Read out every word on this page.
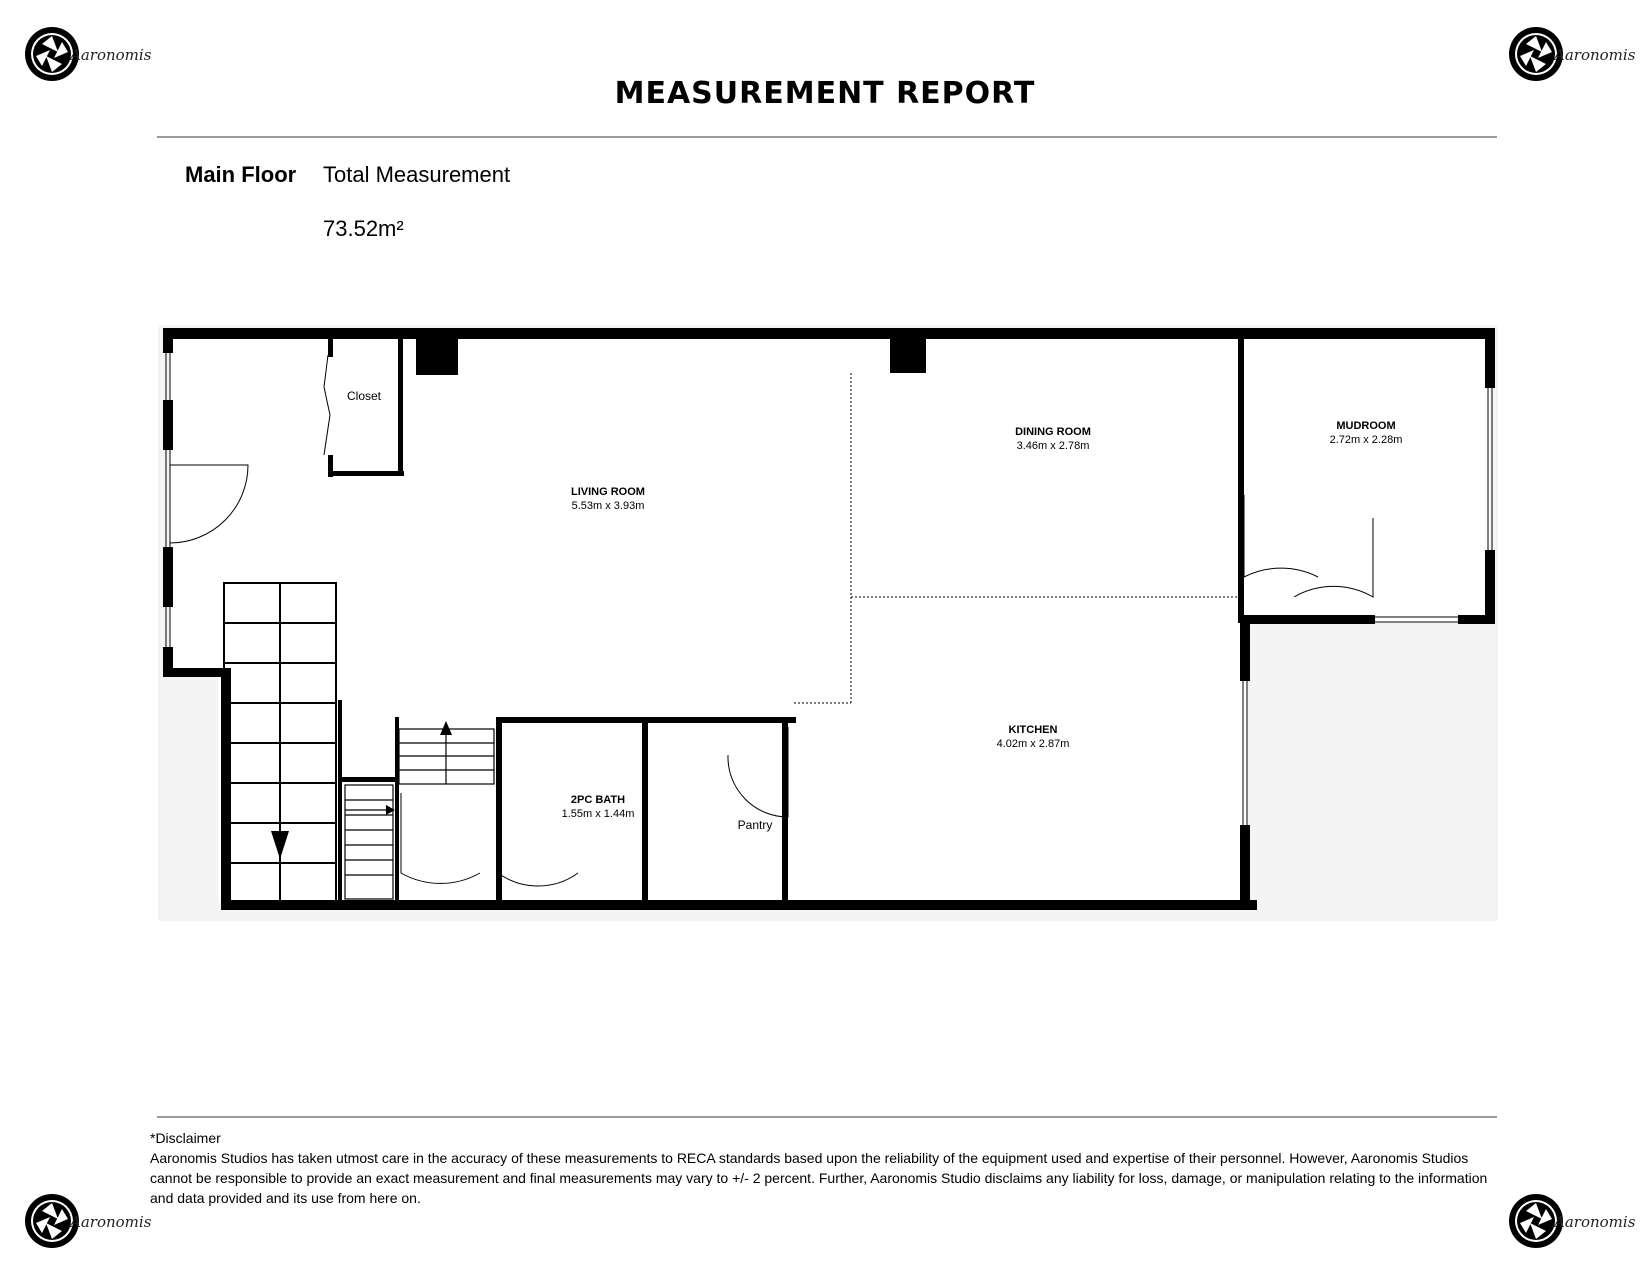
Aaronomis	Aaronomis
Aaronomis	Aaronomis
MEASUREMENT REPORT
Main Floor Total Measurement
73.52m²
Closet
LIVING ROOM
5.53m x 3.93m
DINING ROOM
3.46m x 2.78m
MUDROOM
2.72m x 2.28m
KITCHEN
4.02m x 2.87m
2PC BATH
1.55m x 1.44m
Pantry
*Disclaimer
Aaronomis Studios has taken utmost care in the accuracy of these measurements to RECA standards based upon the reliability of the equipment used and expertise of their personnel. However, Aaronomis Studios cannot be responsible to provide an exact measurement and final measurements may vary to +/- 2 percent. Further, Aaronomis Studio disclaims any liability for loss, damage, or manipulation relating to the information and data provided and its use from here on.
